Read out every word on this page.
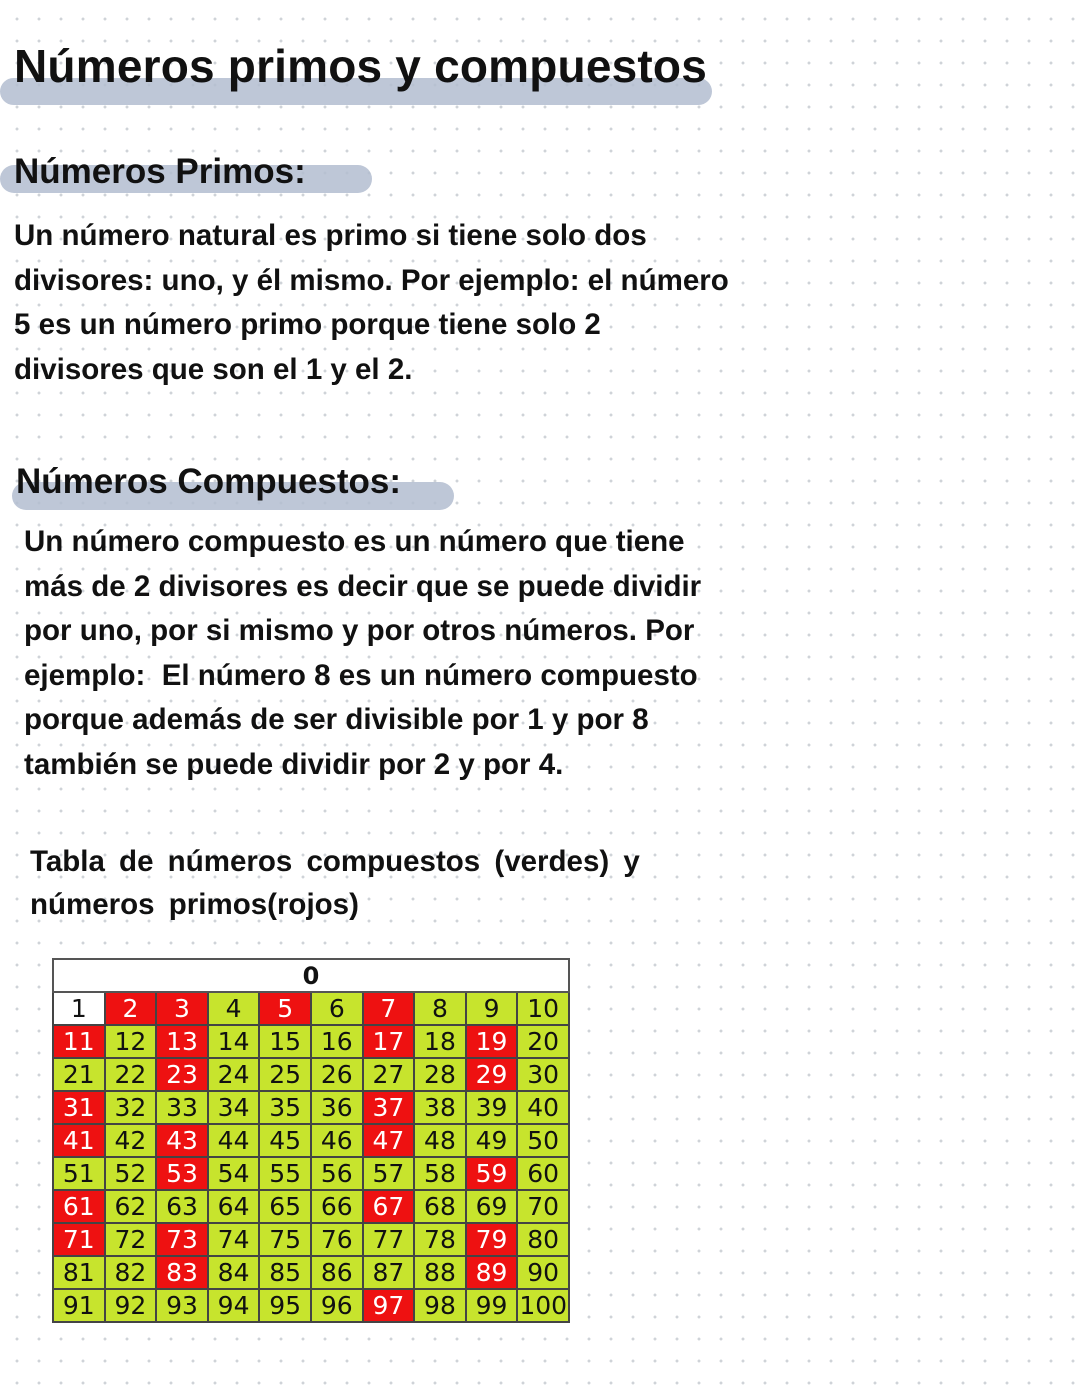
Números primos y compuestos
Números Primos:
Un número natural es primo si tiene solo dos
divisores: uno, y él mismo. Por ejemplo: el número
5 es un número primo porque tiene solo 2
divisores que son el 1 y el 2.
Números Compuestos:
Un número compuesto es un número que tiene
más de 2 divisores es decir que se puede dividir
por uno, por si mismo y por otros números. Por
ejemplo:  El número 8 es un número compuesto
porque además de ser divisible por 1 y por 8
también se puede dividir por 2 y por 4.
Tabla de números compuestos (verdes) y
números primos(rojos)
0									
1	2	3	4	5	6	7	8	9	10
11	12	13	14	15	16	17	18	19	20
21	22	23	24	25	26	27	28	29	30
31	32	33	34	35	36	37	38	39	40
41	42	43	44	45	46	47	48	49	50
51	52	53	54	55	56	57	58	59	60
61	62	63	64	65	66	67	68	69	70
71	72	73	74	75	76	77	78	79	80
81	82	83	84	85	86	87	88	89	90
91	92	93	94	95	96	97	98	99	100
